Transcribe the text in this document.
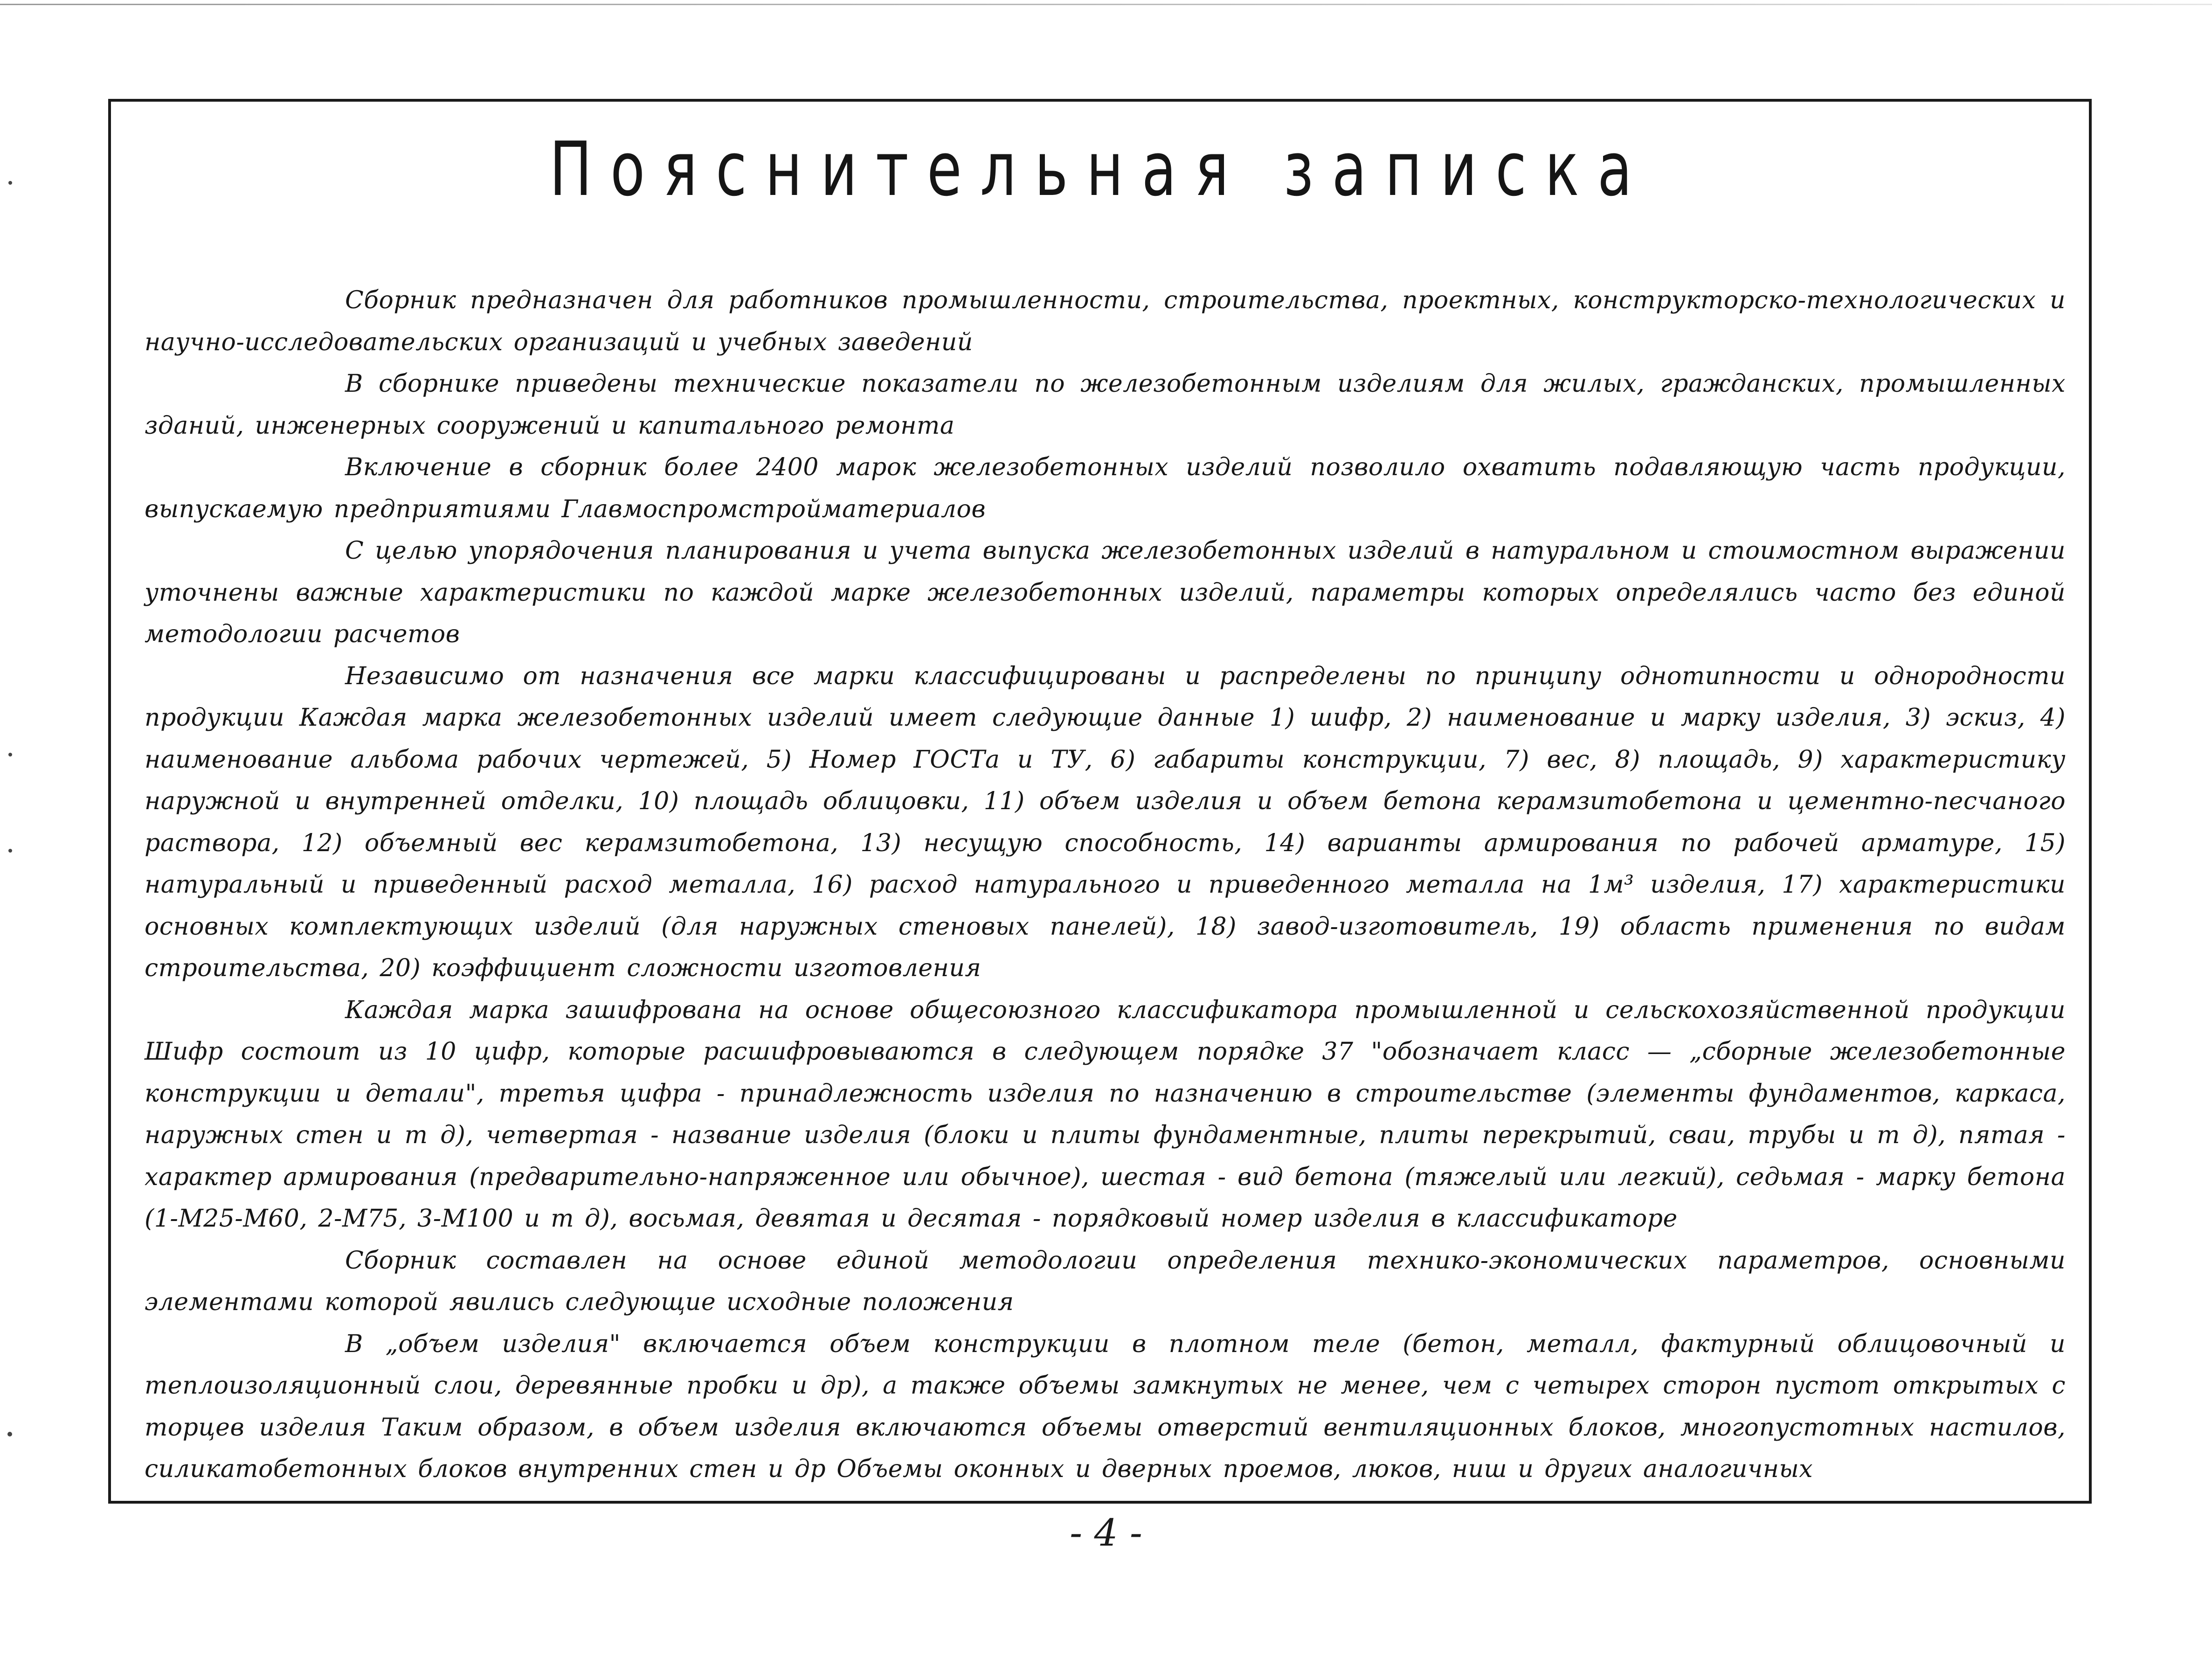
Пояснительная записка

Сборник предназначен для работников промышленности, строительства, проектных, конструкторско-технологических и научно-исследовательских организаций и учебных заведений

В сборнике приведены технические показатели по железобетонным изделиям для жилых, гражданских, промышленных зданий, инженерных сооружений и капитального ремонта

Включение в сборник более 2400 марок железобетонных изделий позволило охватить подавляющую часть продукции, выпускаемую предприятиями Главмоспромстройматериалов

С целью упорядочения планирования и учета выпуска железобетонных изделий в натуральном и стоимостном выражении уточнены важные характеристики по каждой марке железобетонных изделий, параметры которых определялись часто без единой методологии расчетов

Независимо от назначения все марки классифицированы и распределены по принципу однотипности и однородности продукции Каждая марка железобетонных изделий имеет следующие данные 1) шифр, 2) наименование и марку изделия, 3) эскиз, 4) наименование альбома рабочих чертежей, 5) Номер ГОСТа и ТУ, 6) габариты конструкции, 7) вес, 8) площадь, 9) характеристику наружной и внутренней отделки, 10) площадь облицовки, 11) объем изделия и объем бетона керамзитобетона и цементно-песчаного раствора, 12) объемный вес керамзитобетона, 13) несущую способность, 14) варианты армирования по рабочей арматуре, 15) натуральный и приведенный расход металла, 16) расход натурального и приведенного металла на 1м³ изделия, 17) характеристики основных комплектующих изделий (для наружных стеновых панелей), 18) завод-изготовитель, 19) область применения по видам строительства, 20) коэффициент сложности изготовления

Каждая марка зашифрована на основе общесоюзного классификатора промышленной и сельскохозяйственной продукции Шифр состоит из 10 цифр, которые расшифровываются в следующем порядке 37 "обозначает класс — „сборные железобетонные конструкции и детали", третья цифра - принадлежность изделия по назначению в строительстве (элементы фундаментов, каркаса, наружных стен и т д), четвертая - название изделия (блоки и плиты фундаментные, плиты перекрытий, сваи, трубы и т д), пятая - характер армирования (предварительно-напряженное или обычное), шестая - вид бетона (тяжелый или легкий), седьмая - марку бетона (1-М25-М60, 2-М75, 3-М100 и т д), восьмая, девятая и десятая - порядковый номер изделия в классификаторе

Сборник составлен на основе единой методологии определения технико-экономических параметров, основными элементами которой явились следующие исходные положения

В „объем изделия" включается объем конструкции в плотном теле (бетон, металл, фактурный облицовочный и теплоизоляционный слои, деревянные пробки и др), а также объемы замкнутых не менее, чем с четырех сторон пустот открытых с торцев изделия Таким образом, в объем изделия включаются объемы отверстий вентиляционных блоков, многопустотных настилов, силикатобетонных блоков внутренних стен и др Объемы оконных и дверных проемов, люков, ниш и других аналогичных

- 4 -
